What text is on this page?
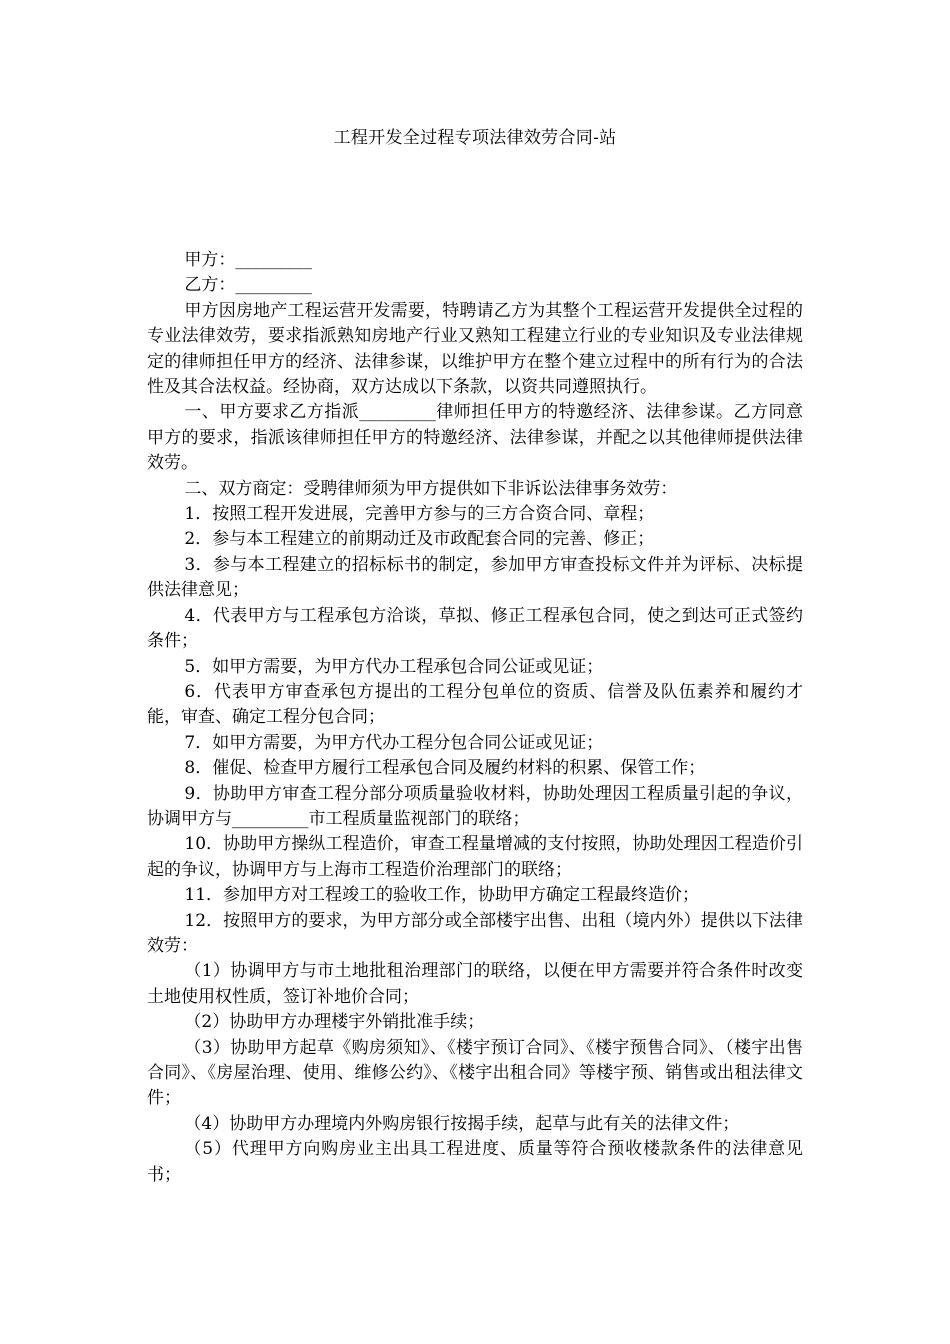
工程开发全过程专项法律效劳合同-站

甲方：_________

乙方：_________

甲方因房地产工程运营开发需要，特聘请乙方为其整个工程运营开发提供全过程的专业法律效劳，要求指派熟知房地产行业又熟知工程建立行业的专业知识及专业法律规定的律师担任甲方的经济、法律参谋，以维护甲方在整个建立过程中的所有行为的合法性及其合法权益。经协商，双方达成以下条款，以资共同遵照执行。

一、甲方要求乙方指派_________律师担任甲方的特邀经济、法律参谋。乙方同意甲方的要求，指派该律师担任甲方的特邀经济、法律参谋，并配之以其他律师提供法律效劳。

二、双方商定：受聘律师须为甲方提供如下非诉讼法律事务效劳：

1．按照工程开发进展，完善甲方参与的三方合资合同、章程；

2．参与本工程建立的前期动迁及市政配套合同的完善、修正；

3．参与本工程建立的招标标书的制定，参加甲方审查投标文件并为评标、决标提供法律意见；

4．代表甲方与工程承包方洽谈，草拟、修正工程承包合同，使之到达可正式签约条件；

5．如甲方需要，为甲方代办工程承包合同公证或见证；

6．代表甲方审查承包方提出的工程分包单位的资质、信誉及队伍素养和履约才能，审查、确定工程分包合同；

7．如甲方需要，为甲方代办工程分包合同公证或见证；

8．催促、检查甲方履行工程承包合同及履约材料的积累、保管工作；

9．协助甲方审查工程分部分项质量验收材料，协助处理因工程质量引起的争议，协调甲方与_________市工程质量监视部门的联络；

10．协助甲方操纵工程造价，审查工程量增减的支付按照，协助处理因工程造价引起的争议，协调甲方与上海市工程造价治理部门的联络；

11．参加甲方对工程竣工的验收工作，协助甲方确定工程最终造价；

12．按照甲方的要求，为甲方部分或全部楼宇出售、出租（境内外）提供以下法律效劳：

（1）协调甲方与市土地批租治理部门的联络，以便在甲方需要并符合条件时改变土地使用权性质，签订补地价合同；

（2）协助甲方办理楼宇外销批准手续；

（3）协助甲方起草《购房须知》、《楼宇预订合同》、《楼宇预售合同》、（楼宇出售合同》、《房屋治理、使用、维修公约》、《楼宇出租合同》等楼宇预、销售或出租法律文件；

（4）协助甲方办理境内外购房银行按揭手续，起草与此有关的法律文件；

（5）代理甲方向购房业主出具工程进度、质量等符合预收楼款条件的法律意见书；
